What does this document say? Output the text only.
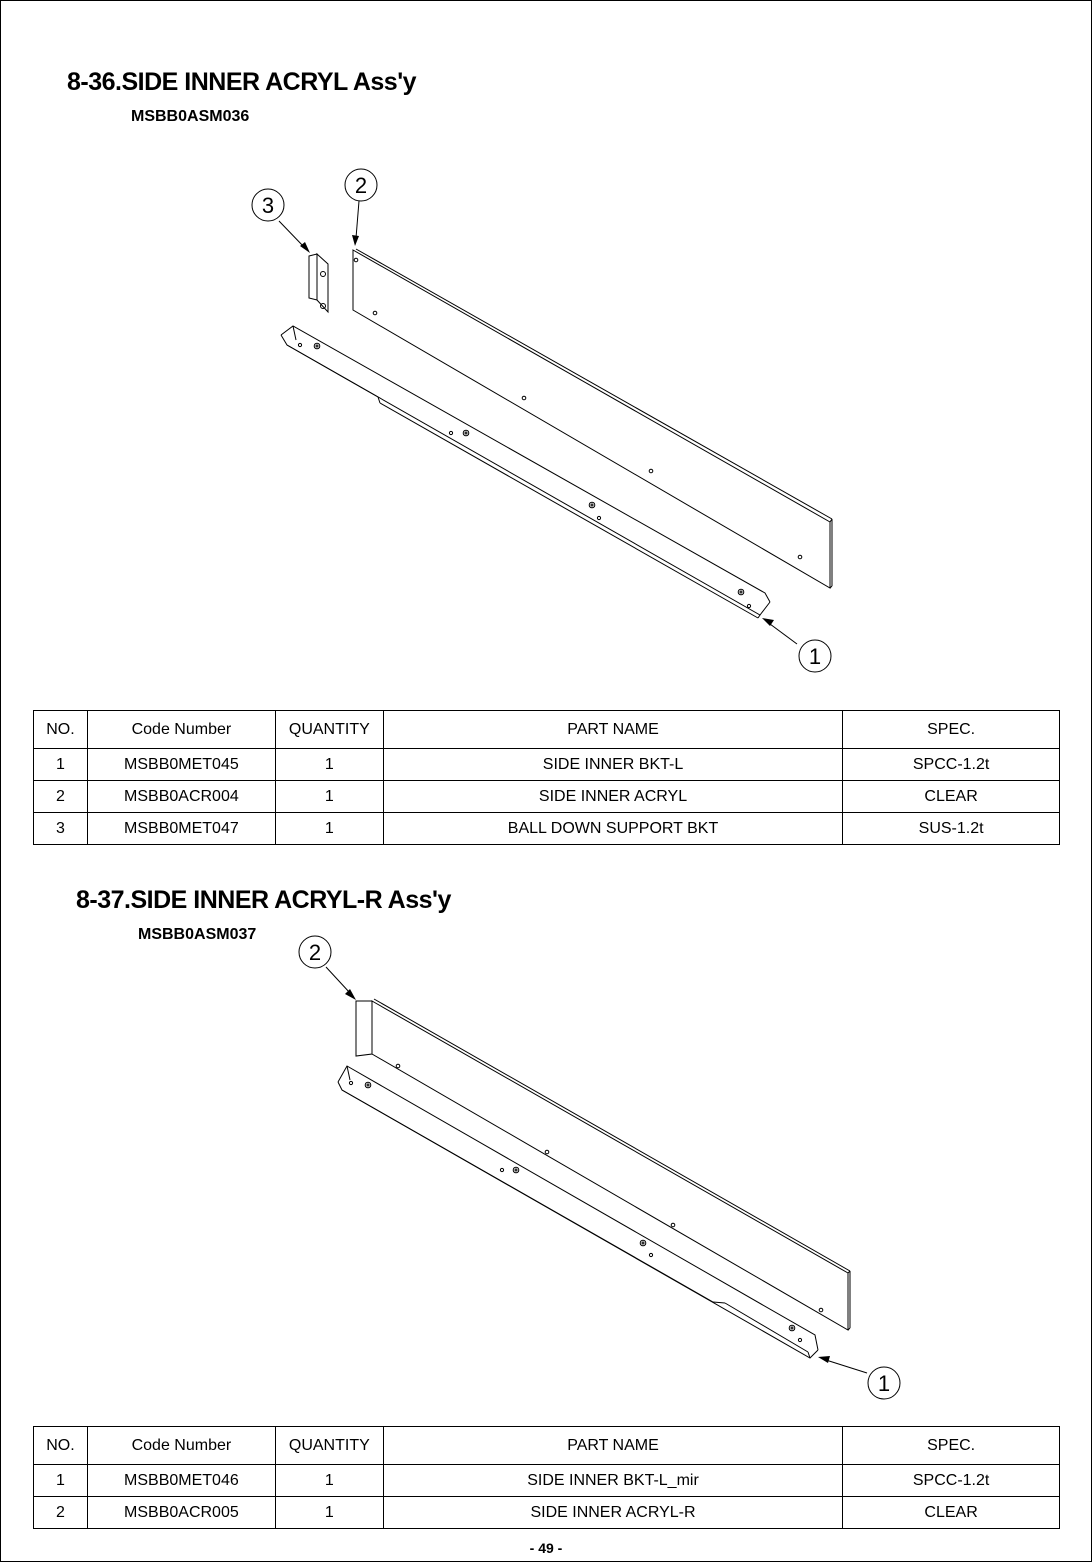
8-36.SIDE INNER ACRYL Ass'y
MSBB0ASM036
3
2
1
NO.	Code Number	QUANTITY	PART NAME	SPEC.
1	MSBB0MET045	1	SIDE INNER BKT-L	SPCC-1.2t
2	MSBB0ACR004	1	SIDE INNER ACRYL	CLEAR
3	MSBB0MET047	1	BALL DOWN SUPPORT BKT	SUS-1.2t
8-37.SIDE INNER ACRYL-R Ass'y
MSBB0ASM037
2
1
NO.	Code Number	QUANTITY	PART NAME	SPEC.
1	MSBB0MET046	1	SIDE INNER BKT-L_mir	SPCC-1.2t
2	MSBB0ACR005	1	SIDE INNER ACRYL-R	CLEAR
- 49 -
